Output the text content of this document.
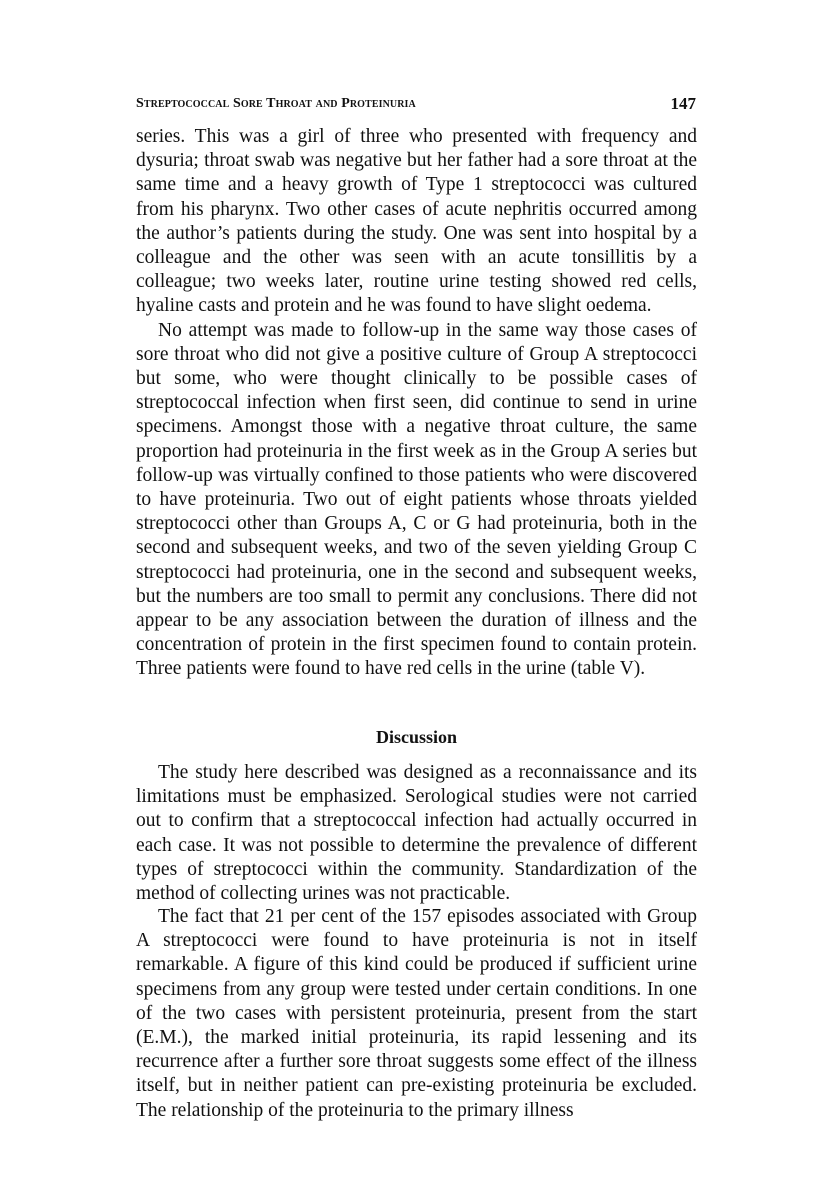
Streptococcal Sore Throat and Proteinuria	147

series. This was a girl of three who presented with frequency and dysuria; throat swab was negative but her father had a sore throat at the same time and a heavy growth of Type 1 streptococci was cultured from his pharynx. Two other cases of acute nephritis occurred among the author’s patients during the study. One was sent into hospital by a colleague and the other was seen with an acute tonsillitis by a colleague; two weeks later, routine urine testing showed red cells, hyaline casts and protein and he was found to have slight oedema.

No attempt was made to follow-up in the same way those cases of sore throat who did not give a positive culture of Group A streptococci but some, who were thought clinically to be possible cases of streptococcal infection when first seen, did continue to send in urine specimens. Amongst those with a negative throat culture, the same proportion had proteinuria in the first week as in the Group A series but follow-up was virtually confined to those patients who were discovered to have proteinuria. Two out of eight patients whose throats yielded streptococci other than Groups A, C or G had proteinuria, both in the second and subsequent weeks, and two of the seven yielding Group C streptococci had proteinuria, one in the second and subsequent weeks, but the numbers are too small to permit any conclusions. There did not appear to be any association between the duration of illness and the concentration of protein in the first specimen found to contain protein. Three patients were found to have red cells in the urine (table V).

Discussion

The study here described was designed as a reconnaissance and its limitations must be emphasized. Serological studies were not carried out to confirm that a streptococcal infection had actually occurred in each case. It was not possible to determine the prevalence of different types of streptococci within the community. Standardization of the method of collecting urines was not practicable.

The fact that 21 per cent of the 157 episodes associated with Group A streptococci were found to have proteinuria is not in itself remarkable. A figure of this kind could be produced if sufficient urine specimens from any group were tested under certain conditions. In one of the two cases with persistent proteinuria, present from the start (E.M.), the marked initial proteinuria, its rapid lessening and its recurrence after a further sore throat suggests some effect of the illness itself, but in neither patient can pre-existing proteinuria be excluded. The relationship of the proteinuria to the primary illness
